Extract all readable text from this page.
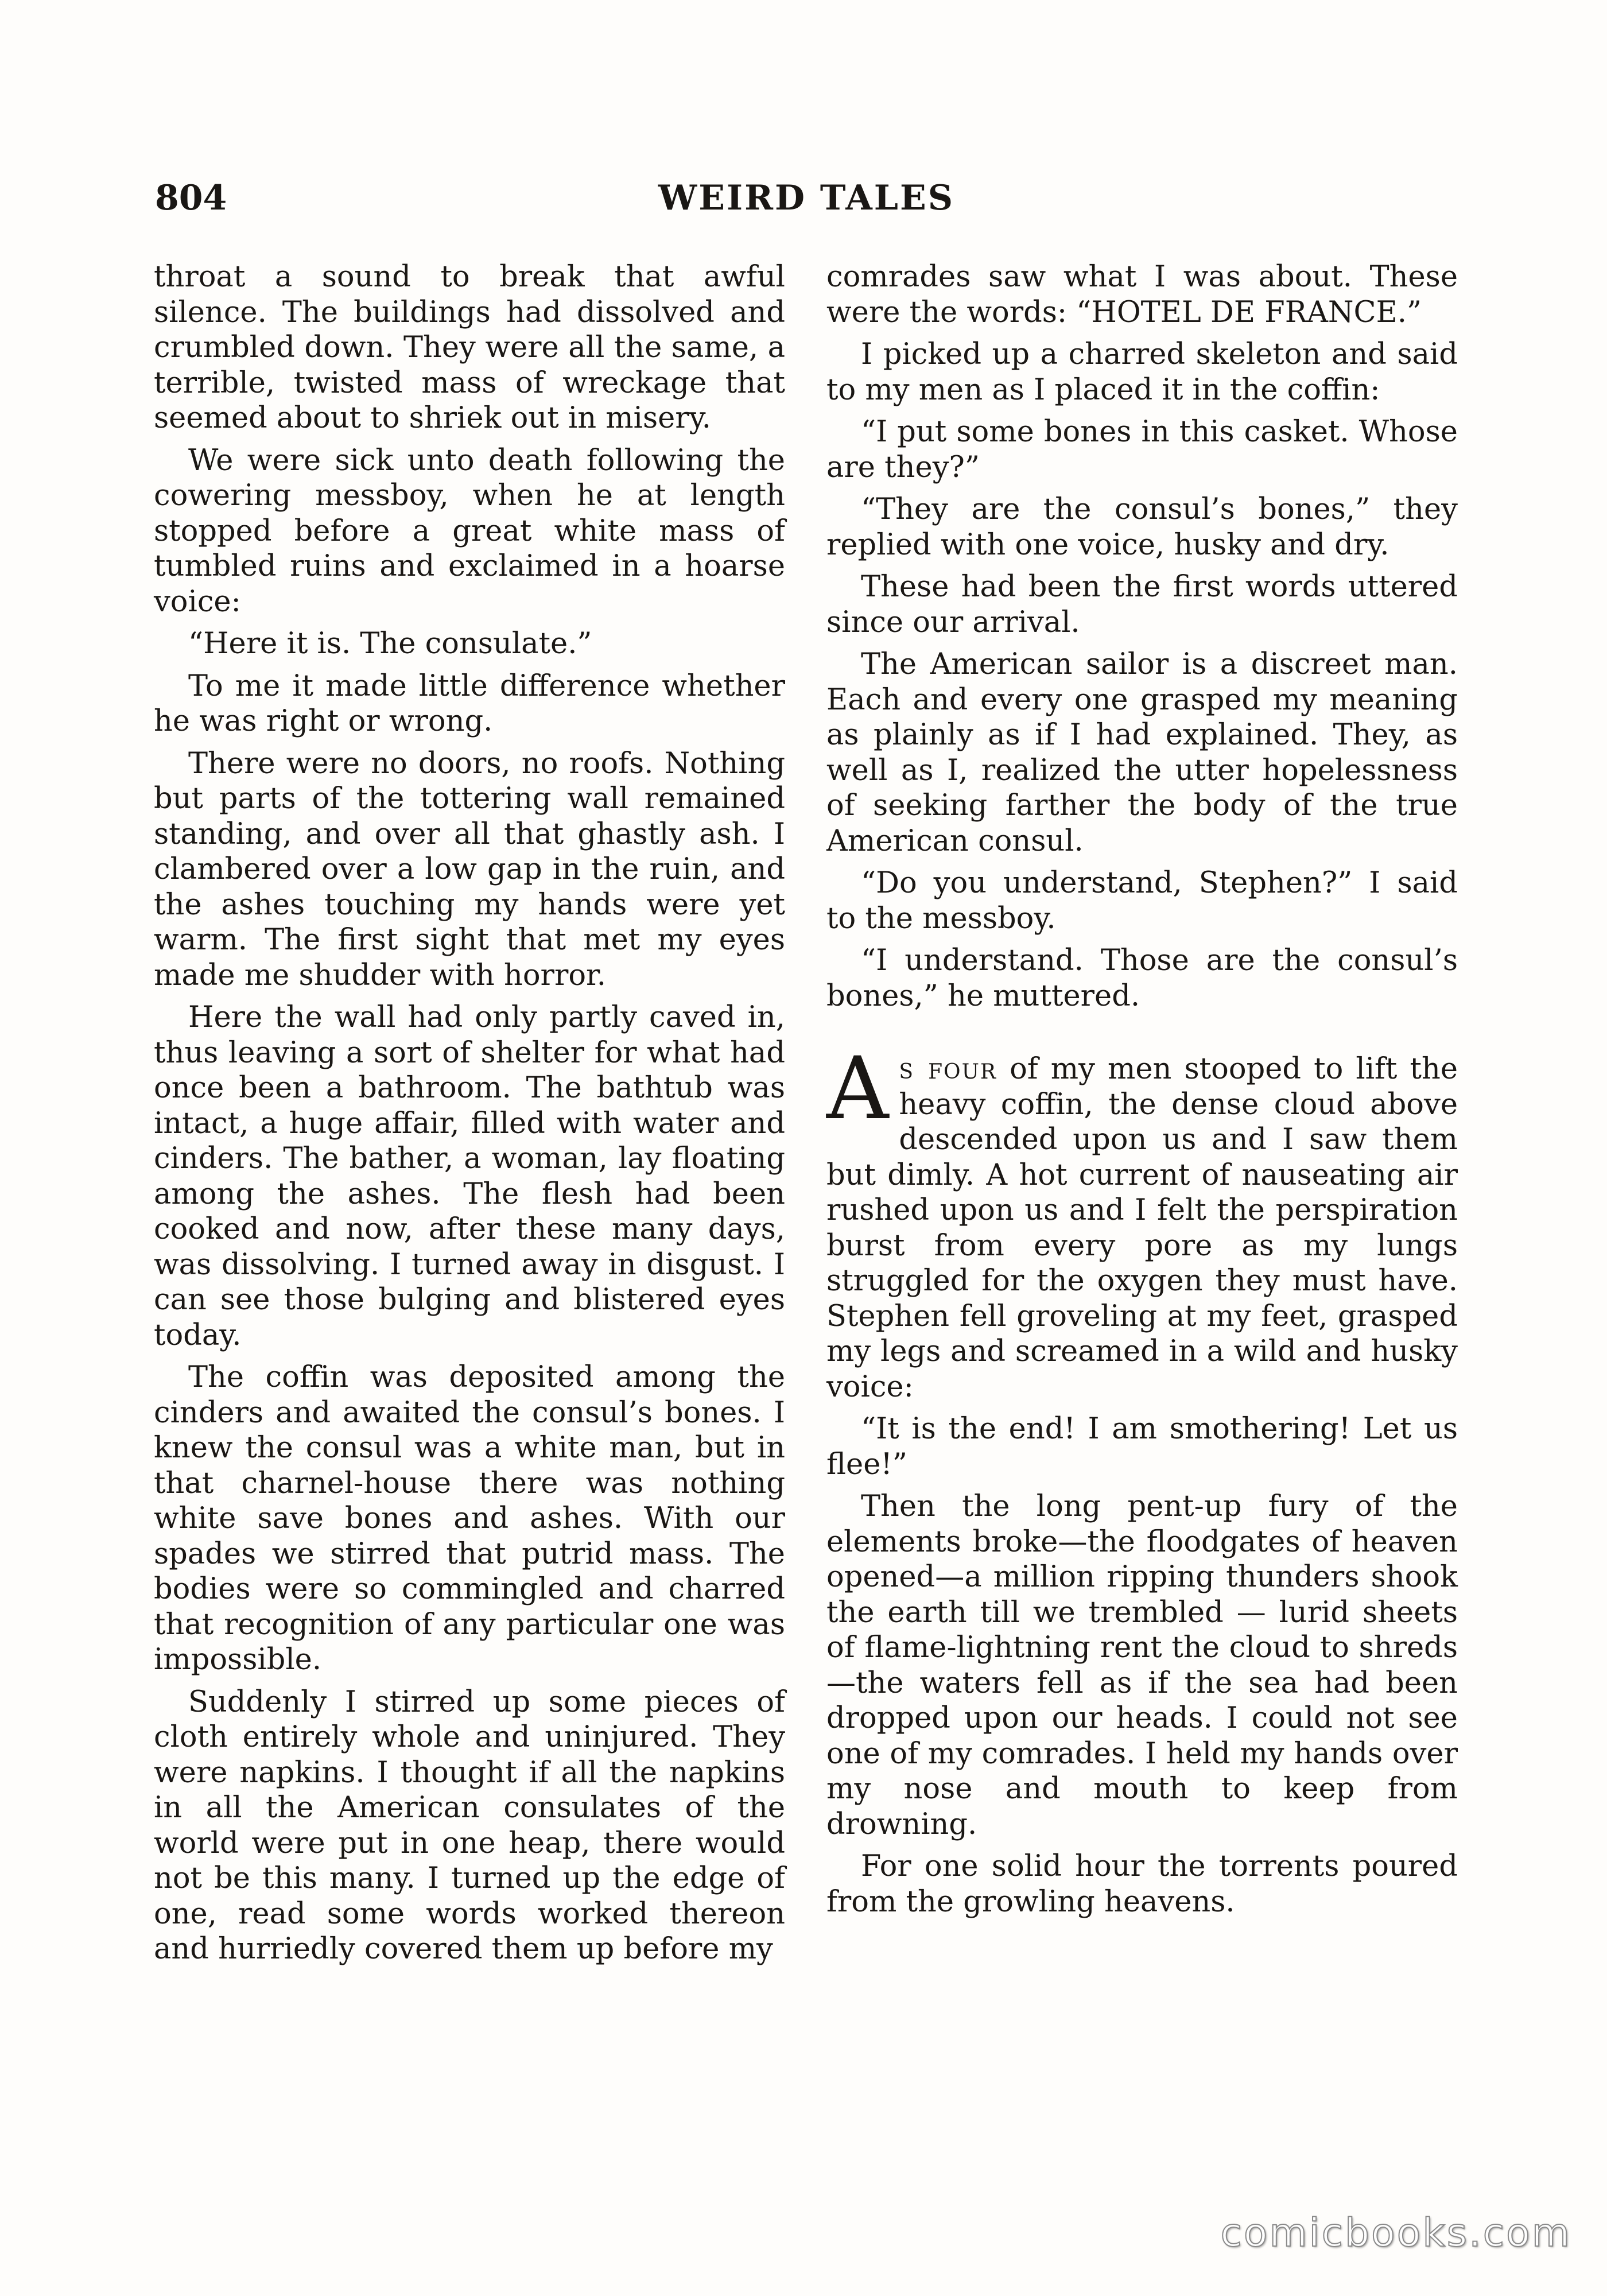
804	WEIRD TALES

throat a sound to break that awful silence. The buildings had dissolved and crumbled down. They were all the same, a terrible, twisted mass of wreckage that seemed about to shriek out in misery.

We were sick unto death following the cowering messboy, when he at length stopped before a great white mass of tumbled ruins and exclaimed in a hoarse voice:

“Here it is. The consulate.”

To me it made little difference whether he was right or wrong.

There were no doors, no roofs. Nothing but parts of the tottering wall remained standing, and over all that ghastly ash. I clambered over a low gap in the ruin, and the ashes touching my hands were yet warm. The first sight that met my eyes made me shudder with horror.

Here the wall had only partly caved in, thus leaving a sort of shelter for what had once been a bathroom. The bathtub was intact, a huge affair, filled with water and cinders. The bather, a woman, lay floating among the ashes. The flesh had been cooked and now, after these many days, was dissolving. I turned away in disgust. I can see those bulging and blistered eyes today.

The coffin was deposited among the cinders and awaited the consul’s bones. I knew the consul was a white man, but in that charnel-house there was nothing white save bones and ashes. With our spades we stirred that putrid mass. The bodies were so commingled and charred that recognition of any particular one was impossible.

Suddenly I stirred up some pieces of cloth entirely whole and uninjured. They were napkins. I thought if all the napkins in all the American consulates of the world were put in one heap, there would not be this many. I turned up the edge of one, read some words worked thereon and hurriedly covered them up before my

comrades saw what I was about. These were the words: “HOTEL DE FRANCE.”

I picked up a charred skeleton and said to my men as I placed it in the coffin:

“I put some bones in this casket. Whose are they?”

“They are the consul’s bones,” they replied with one voice, husky and dry.

These had been the first words uttered since our arrival.

The American sailor is a discreet man. Each and every one grasped my meaning as plainly as if I had explained. They, as well as I, realized the utter hopelessness of seeking farther the body of the true American consul.

“Do you understand, Stephen?” I said to the messboy.

“I understand. Those are the consul’s bones,” he muttered.

As four of my men stooped to lift the heavy coffin, the dense cloud above descended upon us and I saw them but dimly. A hot current of nauseating air rushed upon us and I felt the perspiration burst from every pore as my lungs struggled for the oxygen they must have. Stephen fell groveling at my feet, grasped my legs and screamed in a wild and husky voice:

“It is the end! I am smothering! Let us flee!”

Then the long pent-up fury of the elements broke—the floodgates of heaven opened—a million ripping thunders shook the earth till we trembled — lurid sheets of flame-lightning rent the cloud to shreds—the waters fell as if the sea had been dropped upon our heads. I could not see one of my comrades. I held my hands over my nose and mouth to keep from drowning.

For one solid hour the torrents poured from the growling heavens.

comicbooks.com
